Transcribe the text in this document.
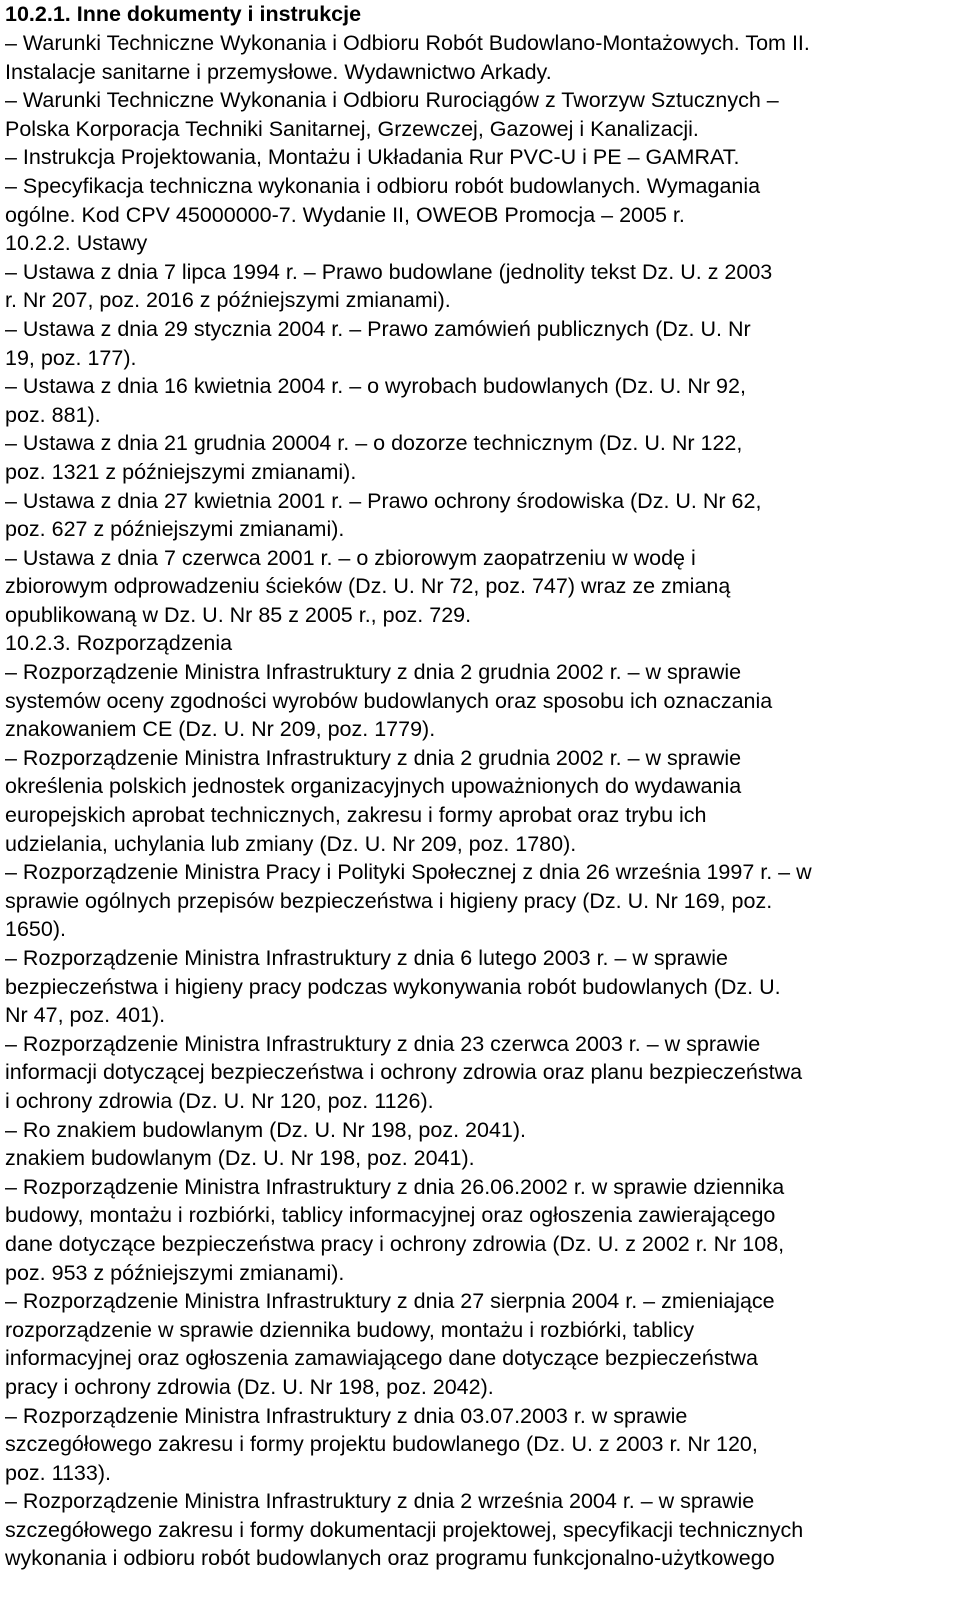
10.2.1. Inne dokumenty i instrukcje
– Warunki Techniczne Wykonania i Odbioru Robót Budowlano-Montażowych. Tom II.
Instalacje sanitarne i przemysłowe. Wydawnictwo Arkady.
– Warunki Techniczne Wykonania i Odbioru Rurociągów z Tworzyw Sztucznych –
Polska Korporacja Techniki Sanitarnej, Grzewczej, Gazowej i Kanalizacji.
– Instrukcja Projektowania, Montażu i Układania Rur PVC-U i PE – GAMRAT.
– Specyfikacja techniczna wykonania i odbioru robót budowlanych. Wymagania
ogólne. Kod CPV 45000000-7. Wydanie II, OWEOB Promocja – 2005 r.
10.2.2. Ustawy
– Ustawa z dnia 7 lipca 1994 r. – Prawo budowlane (jednolity tekst Dz. U. z 2003
r. Nr 207, poz. 2016 z późniejszymi zmianami).
– Ustawa z dnia 29 stycznia 2004 r. – Prawo zamówień publicznych (Dz. U. Nr
19, poz. 177).
– Ustawa z dnia 16 kwietnia 2004 r. – o wyrobach budowlanych (Dz. U. Nr 92,
poz. 881).
– Ustawa z dnia 21 grudnia 20004 r. – o dozorze technicznym (Dz. U. Nr 122,
poz. 1321 z późniejszymi zmianami).
– Ustawa z dnia 27 kwietnia 2001 r. – Prawo ochrony środowiska (Dz. U. Nr 62,
poz. 627 z późniejszymi zmianami).
– Ustawa z dnia 7 czerwca 2001 r. – o zbiorowym zaopatrzeniu w wodę i
zbiorowym odprowadzeniu ścieków (Dz. U. Nr 72, poz. 747) wraz ze zmianą
opublikowaną w Dz. U. Nr 85 z 2005 r., poz. 729.
10.2.3. Rozporządzenia
– Rozporządzenie Ministra Infrastruktury z dnia 2 grudnia 2002 r. – w sprawie
systemów oceny zgodności wyrobów budowlanych oraz sposobu ich oznaczania
znakowaniem CE (Dz. U. Nr 209, poz. 1779).
– Rozporządzenie Ministra Infrastruktury z dnia 2 grudnia 2002 r. – w sprawie
określenia polskich jednostek organizacyjnych upoważnionych do wydawania
europejskich aprobat technicznych, zakresu i formy aprobat oraz trybu ich
udzielania, uchylania lub zmiany (Dz. U. Nr 209, poz. 1780).
– Rozporządzenie Ministra Pracy i Polityki Społecznej z dnia 26 września 1997 r. – w
sprawie ogólnych przepisów bezpieczeństwa i higieny pracy (Dz. U. Nr 169, poz.
1650).
– Rozporządzenie Ministra Infrastruktury z dnia 6 lutego 2003 r. – w sprawie
bezpieczeństwa i higieny pracy podczas wykonywania robót budowlanych (Dz. U.
Nr 47, poz. 401).
– Rozporządzenie Ministra Infrastruktury z dnia 23 czerwca 2003 r. – w sprawie
informacji dotyczącej bezpieczeństwa i ochrony zdrowia oraz planu bezpieczeństwa
i ochrony zdrowia (Dz. U. Nr 120, poz. 1126).
– Ro znakiem budowlanym (Dz. U. Nr 198, poz. 2041).
znakiem budowlanym (Dz. U. Nr 198, poz. 2041).
– Rozporządzenie Ministra Infrastruktury z dnia 26.06.2002 r. w sprawie dziennika
budowy, montażu i rozbiórki, tablicy informacyjnej oraz ogłoszenia zawierającego
dane dotyczące bezpieczeństwa pracy i ochrony zdrowia (Dz. U. z 2002 r. Nr 108,
poz. 953 z późniejszymi zmianami).
– Rozporządzenie Ministra Infrastruktury z dnia 27 sierpnia 2004 r. – zmieniające
rozporządzenie w sprawie dziennika budowy, montażu i rozbiórki, tablicy
informacyjnej oraz ogłoszenia zamawiającego dane dotyczące bezpieczeństwa
pracy i ochrony zdrowia (Dz. U. Nr 198, poz. 2042).
– Rozporządzenie Ministra Infrastruktury z dnia 03.07.2003 r. w sprawie
szczegółowego zakresu i formy projektu budowlanego (Dz. U. z 2003 r. Nr 120,
poz. 1133).
– Rozporządzenie Ministra Infrastruktury z dnia 2 września 2004 r. – w sprawie
szczegółowego zakresu i formy dokumentacji projektowej, specyfikacji technicznych
wykonania i odbioru robót budowlanych oraz programu funkcjonalno-użytkowego
